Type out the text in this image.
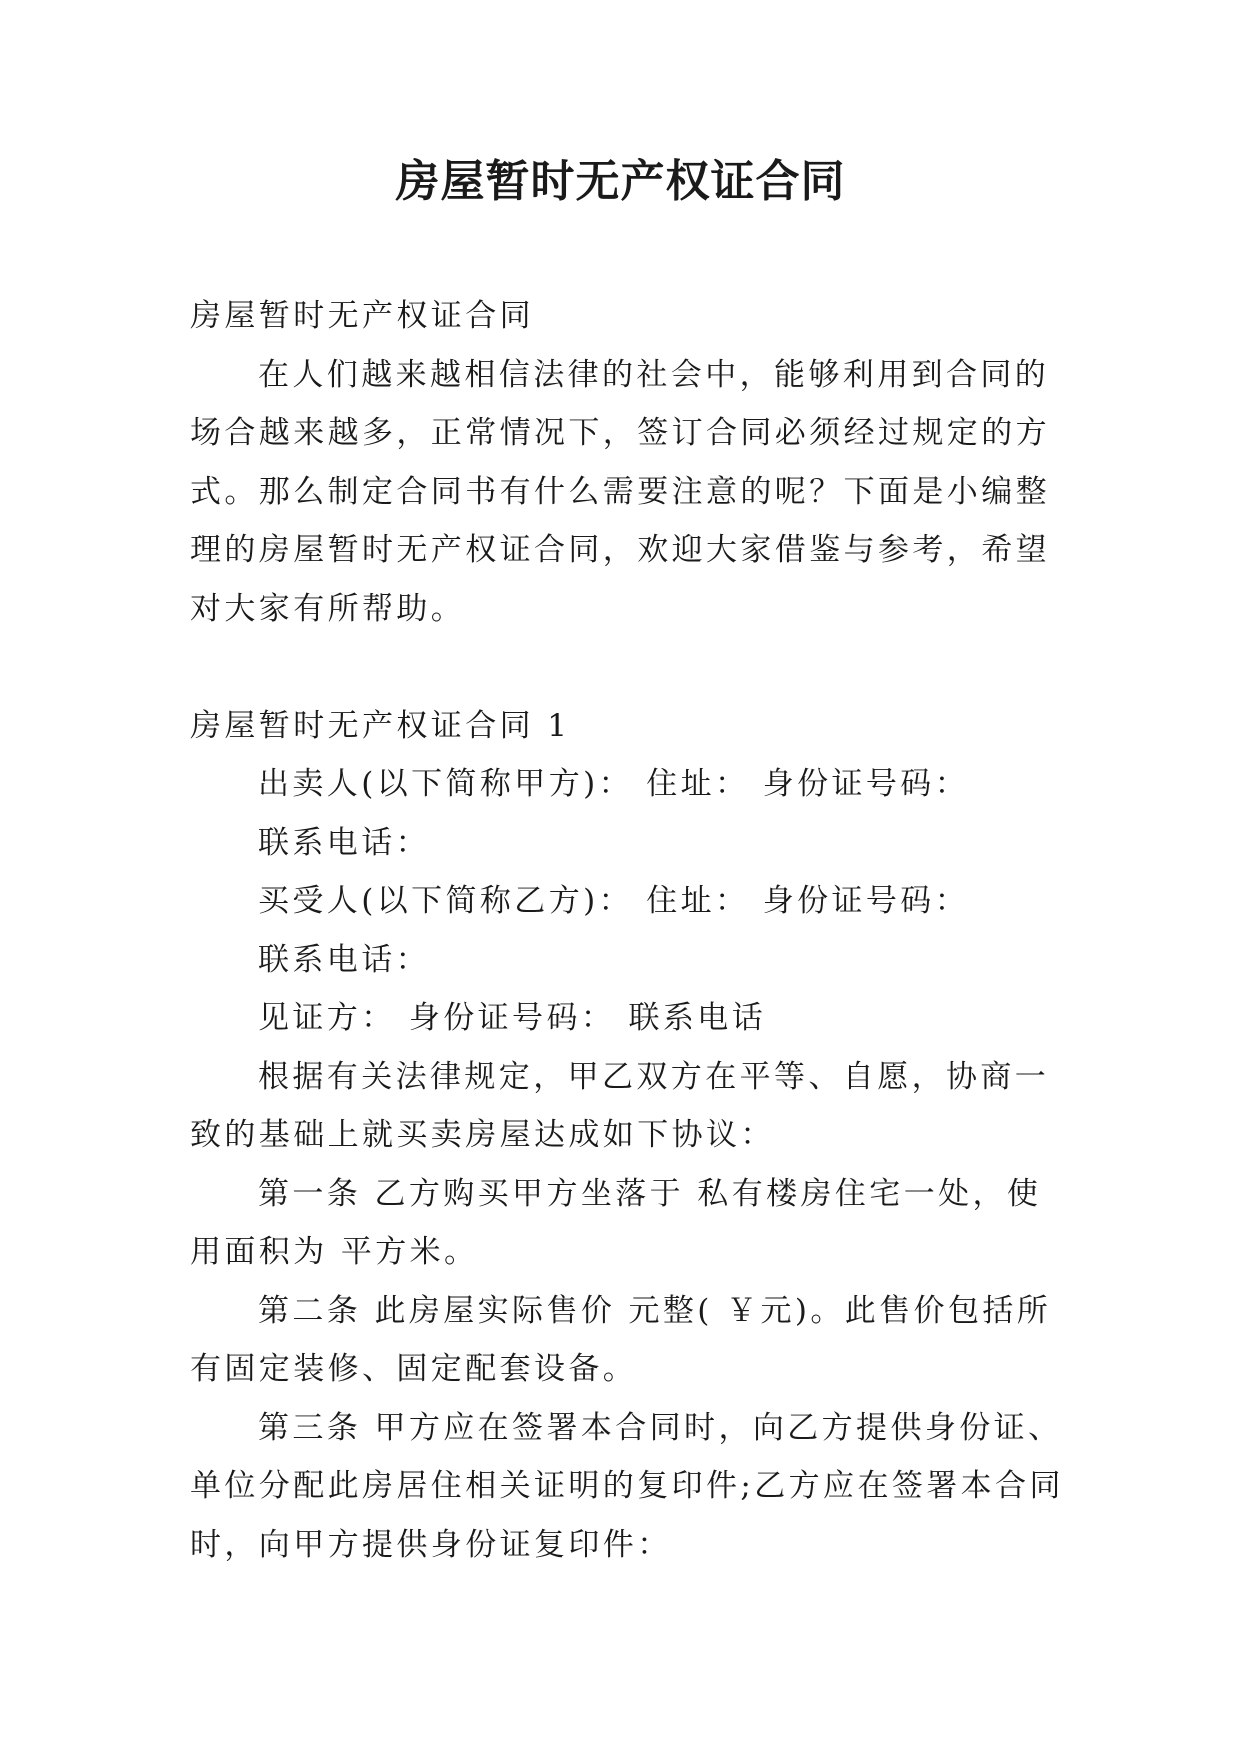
房屋暂时无产权证合同

房屋暂时无产权证合同

在人们越来越相信法律的社会中，能够利用到合同的场合越来越多，正常情况下，签订合同必须经过规定的方式。那么制定合同书有什么需要注意的呢？下面是小编整理的房屋暂时无产权证合同，欢迎大家借鉴与参考，希望对大家有所帮助。

房屋暂时无产权证合同 1

出卖人(以下简称甲方)： 住址： 身份证号码：

联系电话：

买受人(以下简称乙方)： 住址： 身份证号码：

联系电话：

见证方： 身份证号码： 联系电话

根据有关法律规定，甲乙双方在平等、自愿，协商一致的基础上就买卖房屋达成如下协议：

第一条 乙方购买甲方坐落于 私有楼房住宅一处，使用面积为 平方米。

第二条 此房屋实际售价 元整( ￥元)。此售价包括所有固定装修、固定配套设备。

第三条 甲方应在签署本合同时，向乙方提供身份证、单位分配此房居住相关证明的复印件;乙方应在签署本合同时，向甲方提供身份证复印件：
